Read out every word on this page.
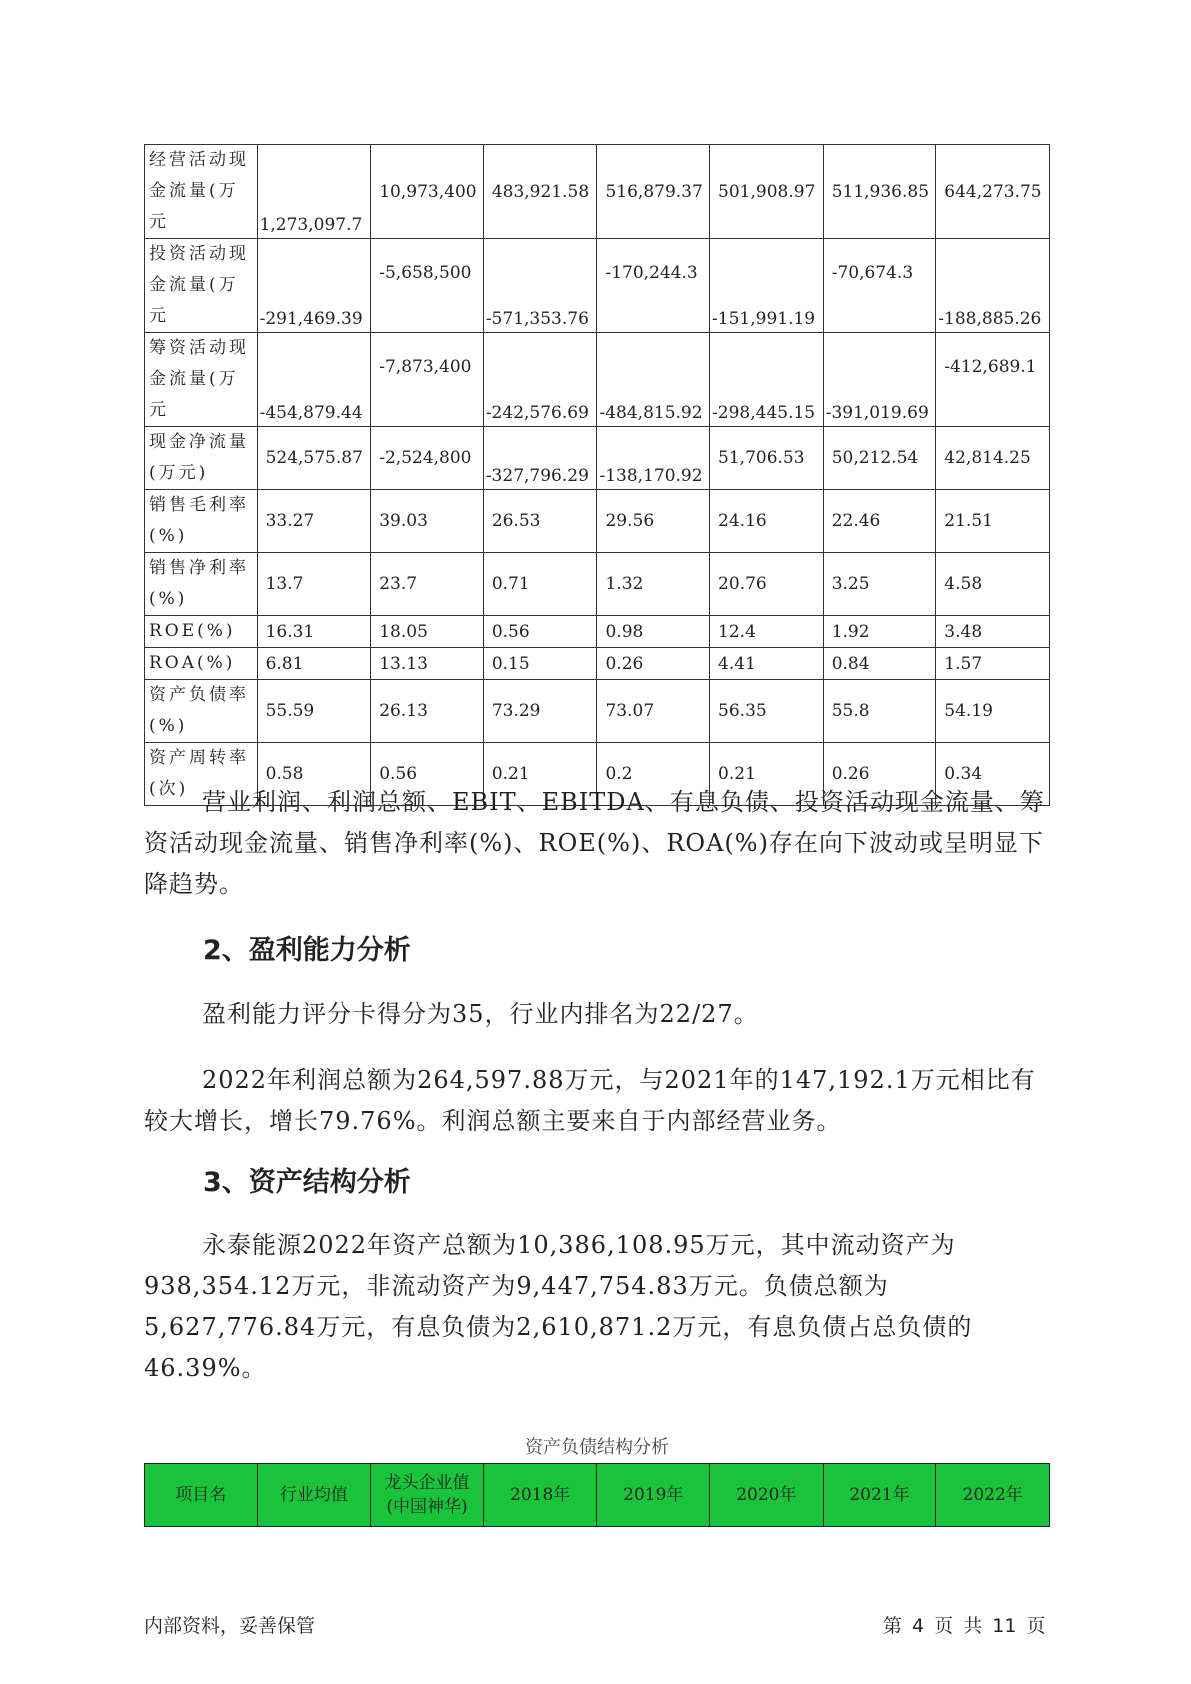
经营活动现金流量(万元	1,273,097.7	10,973,400	483,921.58	516,879.37	501,908.97	511,936.85	644,273.75
投资活动现金流量(万元	-291,469.39	-5,658,500	-571,353.76	-170,244.3	-151,991.19	-70,674.3	-188,885.26
筹资活动现金流量(万元	-454,879.44	-7,873,400	-242,576.69	-484,815.92	-298,445.15	-391,019.69	-412,689.1
现金净流量(万元)	524,575.87	-2,524,800	-327,796.29	-138,170.92	51,706.53	50,212.54	42,814.25
销售毛利率(%)	33.27	39.03	26.53	29.56	24.16	22.46	21.51
销售净利率(%)	13.7	23.7	0.71	1.32	20.76	3.25	4.58
ROE(%)	16.31	18.05	0.56	0.98	12.4	1.92	3.48
ROA(%)	6.81	13.13	0.15	0.26	4.41	0.84	1.57
资产负债率(%)	55.59	26.13	73.29	73.07	56.35	55.8	54.19
资产周转率(次)	0.58	0.56	0.21	0.2	0.21	0.26	0.34

营业利润、利润总额、EBIT、EBITDA、有息负债、投资活动现金流量、筹资活动现金流量、销售净利率(%)、ROE(%)、ROA(%)存在向下波动或呈明显下降趋势。

2、盈利能力分析

盈利能力评分卡得分为35，行业内排名为22/27。

2022年利润总额为264,597.88万元，与2021年的147,192.1万元相比有较大增长，增长79.76%。利润总额主要来自于内部经营业务。

3、资产结构分析

永泰能源2022年资产总额为10,386,108.95万元，其中流动资产为938,354.12万元，非流动资产为9,447,754.83万元。负债总额为5,627,776.84万元，有息负债为2,610,871.2万元，有息负债占总负债的46.39%。

资产负债结构分析
项目名	行业均值	龙头企业值(中国神华)	2018年	2019年	2020年	2021年	2022年
内部资料，妥善保管	第 4 页 共 11 页
